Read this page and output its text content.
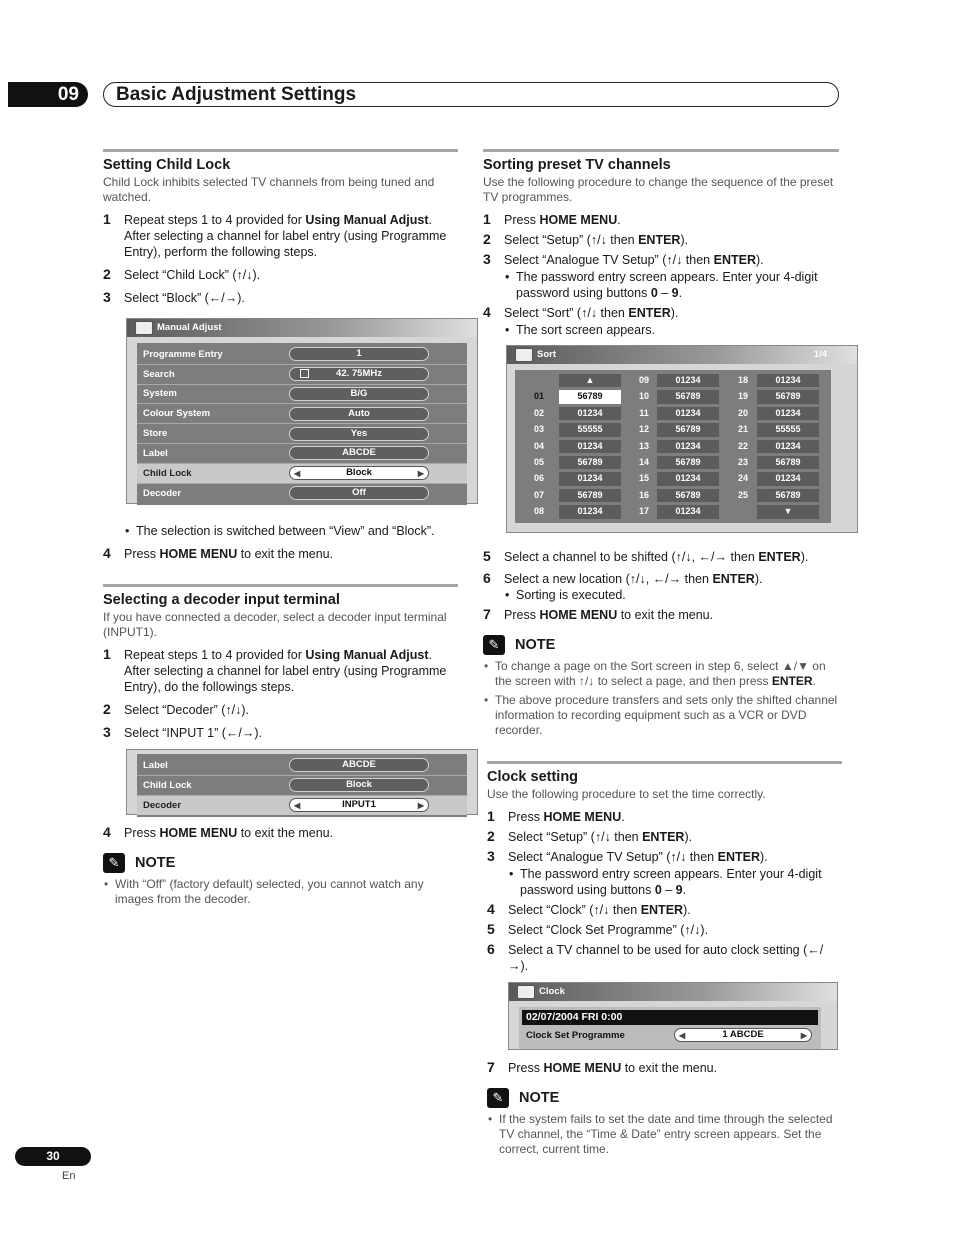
09	Basic Adjustment Settings
Setting Child Lock
Child Lock inhibits selected TV channels from being tuned and watched.
1 Repeat steps 1 to 4 provided for Using Manual Adjust. After selecting a channel for label entry (using Programme Entry), perform the following steps.
2 Select “Child Lock” (↑/↓).
3 Select “Block” (←/→).
Manual Adjust
Programme Entry	1
Search	42. 75MHz
System	B/G
Colour System	Auto
Store	Yes
Label	ABCDE
Child Lock	◀	Block	▶
Decoder	Off
• The selection is switched between “View” and “Block”.
4 Press HOME MENU to exit the menu.
Selecting a decoder input terminal
If you have connected a decoder, select a decoder input terminal (INPUT1).
1 Repeat steps 1 to 4 provided for Using Manual Adjust. After selecting a channel for label entry (using Programme Entry), do the followings steps.
2 Select “Decoder” (↑/↓).
3 Select “INPUT 1” (←/→).
Label	ABCDE
Child Lock	Block
Decoder	◀	INPUT1	▶
4 Press HOME MENU to exit the menu.
✎	NOTE
• With “Off” (factory default) selected, you cannot watch any images from the decoder.
Sorting preset TV channels
Use the following procedure to change the sequence of the preset TV programmes.
1 Press HOME MENU.
2 Select “Setup” (↑/↓ then ENTER).
3 Select “Analogue TV Setup” (↑/↓ then ENTER).
• The password entry screen appears. Enter your 4-digit password using buttons 0 – 9.
4 Select “Sort” (↑/↓ then ENTER).
• The sort screen appears.
Sort	1/4
▲	09	01234	18	01234
01	56789	10	56789	19	56789
02	01234	11	01234	20	01234
03	55555	12	56789	21	55555
04	01234	13	01234	22	01234
05	56789	14	56789	23	56789
06	01234	15	01234	24	01234
07	56789	16	56789	25	56789
08	01234	17	01234	▼
5 Select a channel to be shifted (↑/↓, ←/→ then ENTER).
6 Select a new location (↑/↓, ←/→ then ENTER).
• Sorting is executed.
7 Press HOME MENU to exit the menu.
✎	NOTE
• To change a page on the Sort screen in step 6, select ▲/▼ on the screen with ↑/↓ to select a page, and then press ENTER.
• The above procedure transfers and sets only the shifted channel information to recording equipment such as a VCR or DVD recorder.
Clock setting
Use the following procedure to set the time correctly.
1 Press HOME MENU.
2 Select “Setup” (↑/↓ then ENTER).
3 Select “Analogue TV Setup” (↑/↓ then ENTER).
• The password entry screen appears. Enter your 4-digit password using buttons 0 – 9.
4 Select “Clock” (↑/↓ then ENTER).
5 Select “Clock Set Programme” (↑/↓).
6 Select a TV channel to be used for auto clock setting (←/→).
Clock
02/07/2004 FRI 0:00
Clock Set Programme	◀	1 ABCDE	▶
7 Press HOME MENU to exit the menu.
✎	NOTE
• If the system fails to set the date and time through the selected TV channel, the “Time & Date” entry screen appears. Set the correct, current time.
30
En
